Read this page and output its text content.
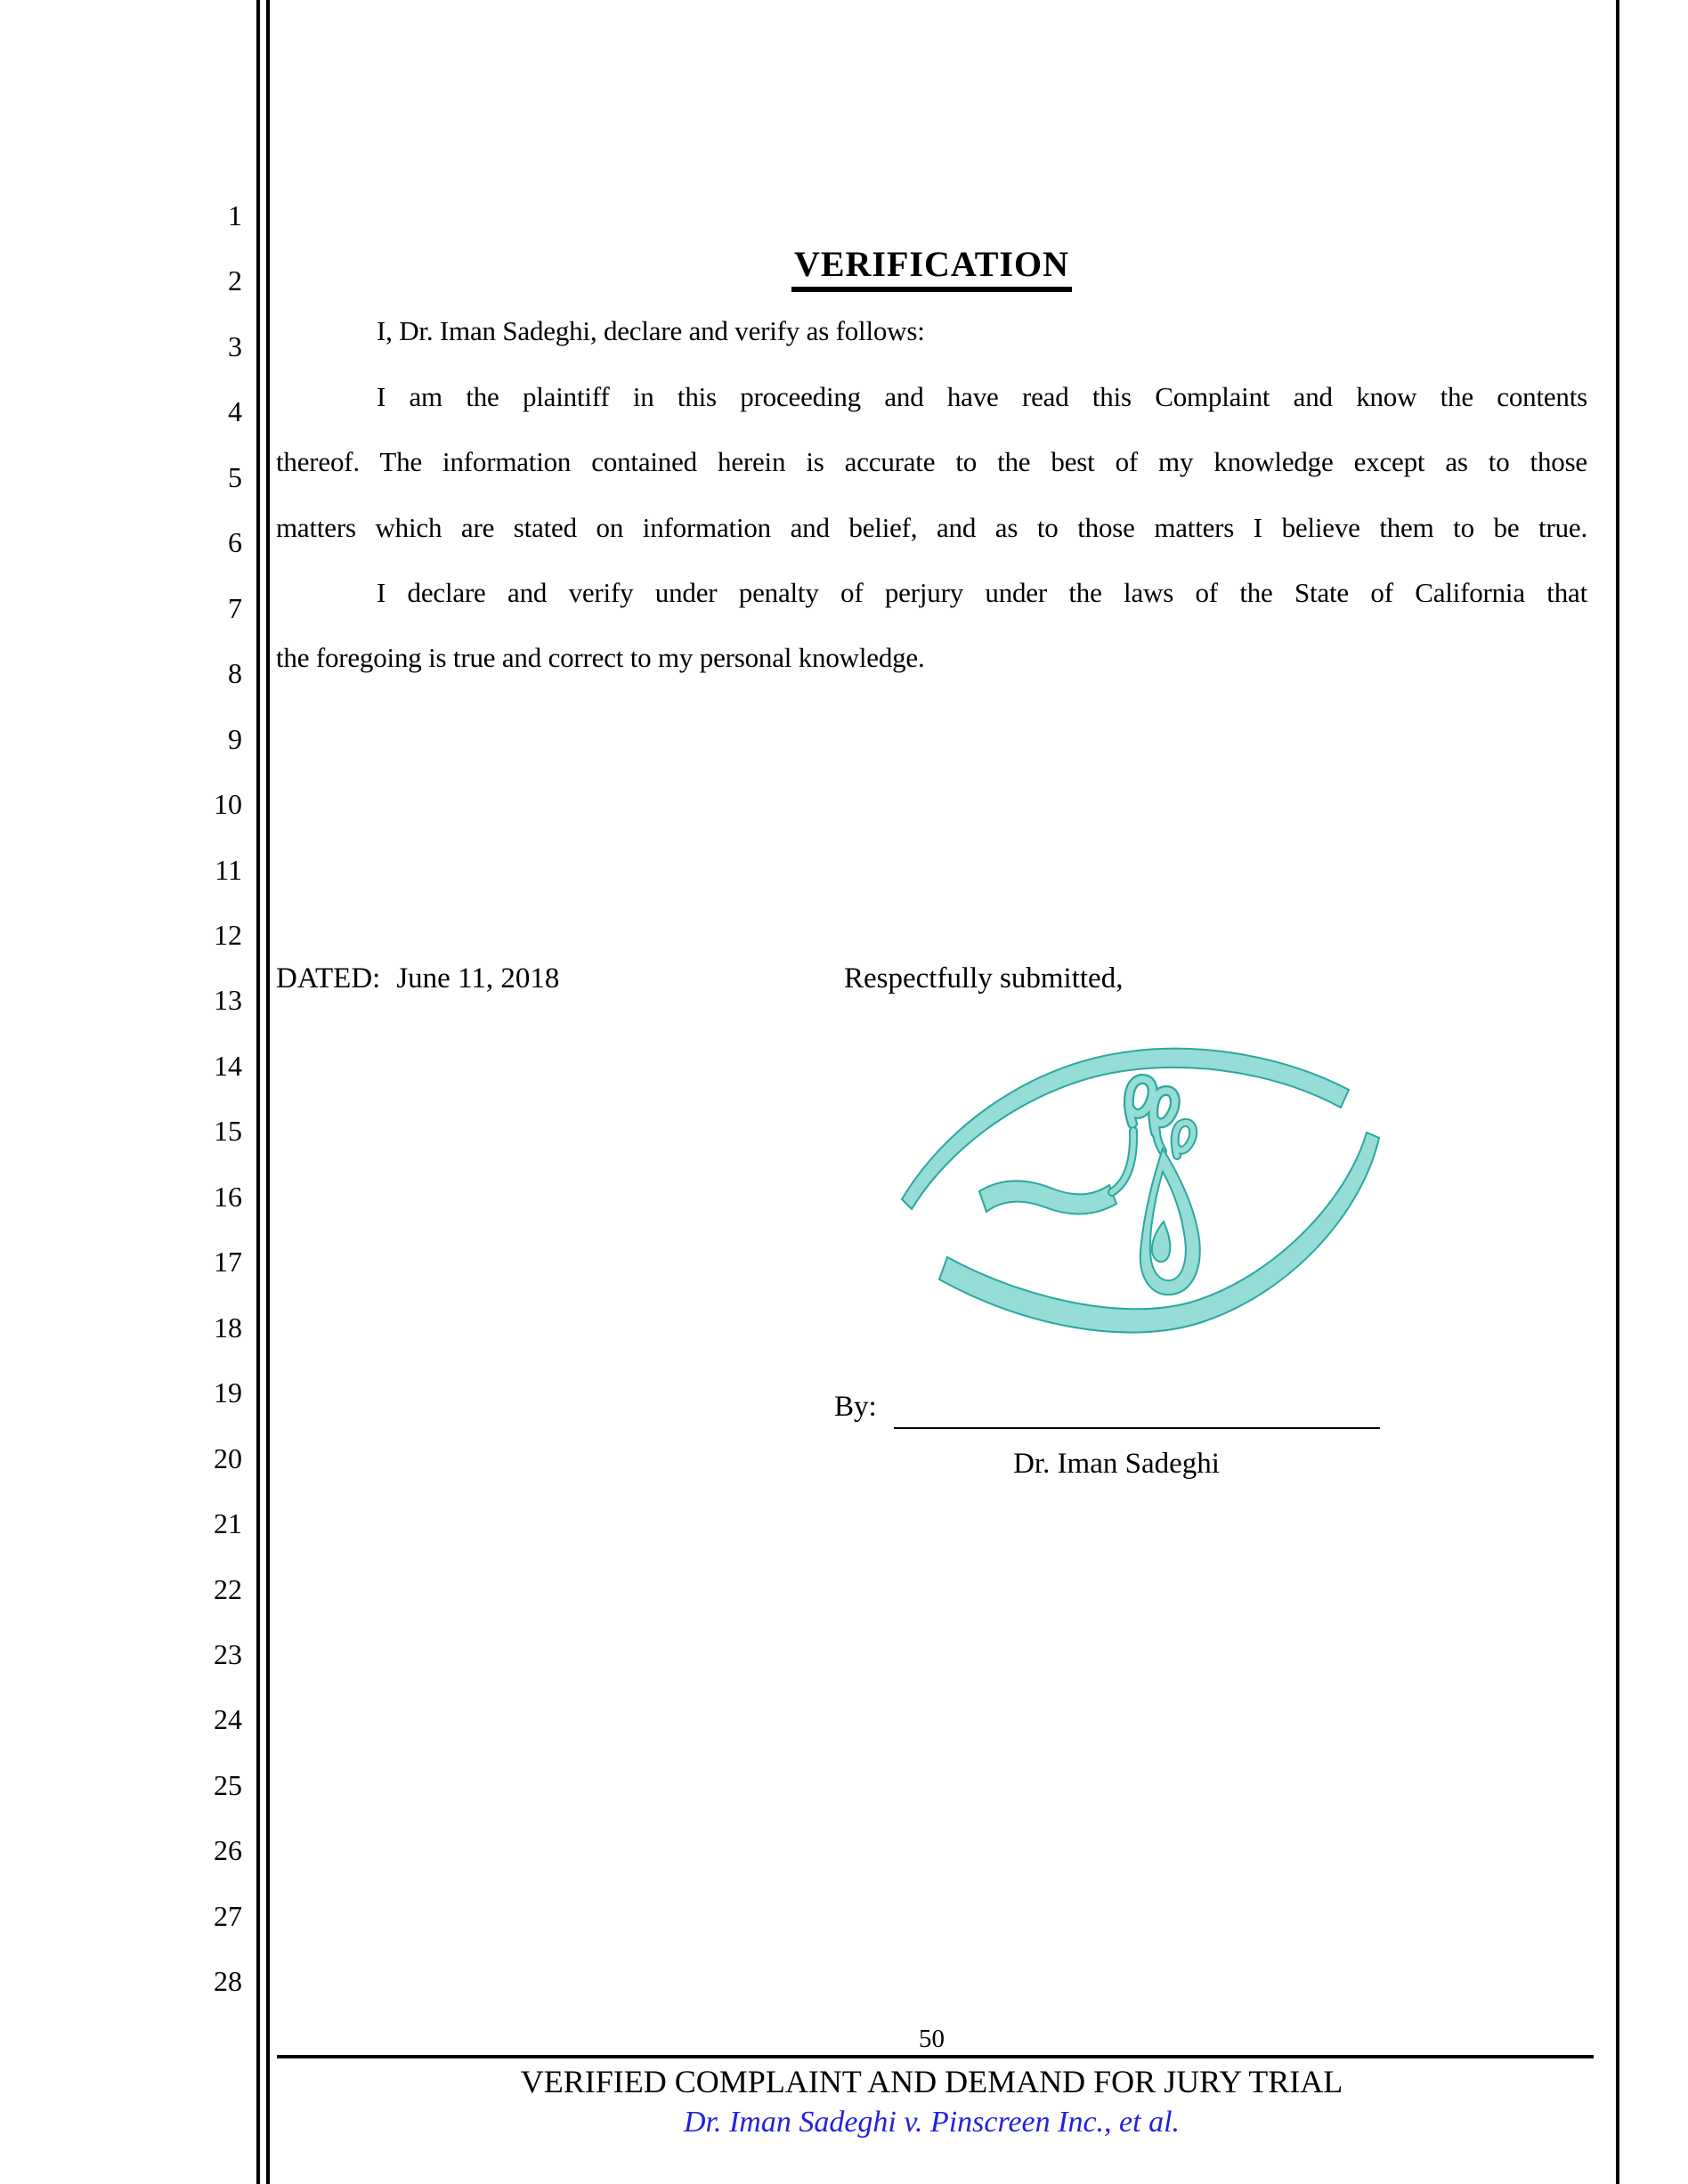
1
2
3
4
5
6
7
8
9
10
11
12
13
14
15
16
17
18
19
20
21
22
23
24
25
26
27
28
VERIFICATION
I, Dr. Iman Sadeghi, declare and verify as follows:
I am the plaintiff in this proceeding and have read this Complaint and know the contents
thereof. The information contained herein is accurate to the best of my knowledge except as to those
matters which are stated on information and belief, and as to those matters I believe them to be true.
I declare and verify under penalty of perjury under the laws of the State of California that
the foregoing is true and correct to my personal knowledge.
DATED: June 11, 2018	Respectfully submitted,
By:
Dr. Iman Sadeghi
50
VERIFIED COMPLAINT AND DEMAND FOR JURY TRIAL
Dr. Iman Sadeghi v. Pinscreen Inc., et al.
